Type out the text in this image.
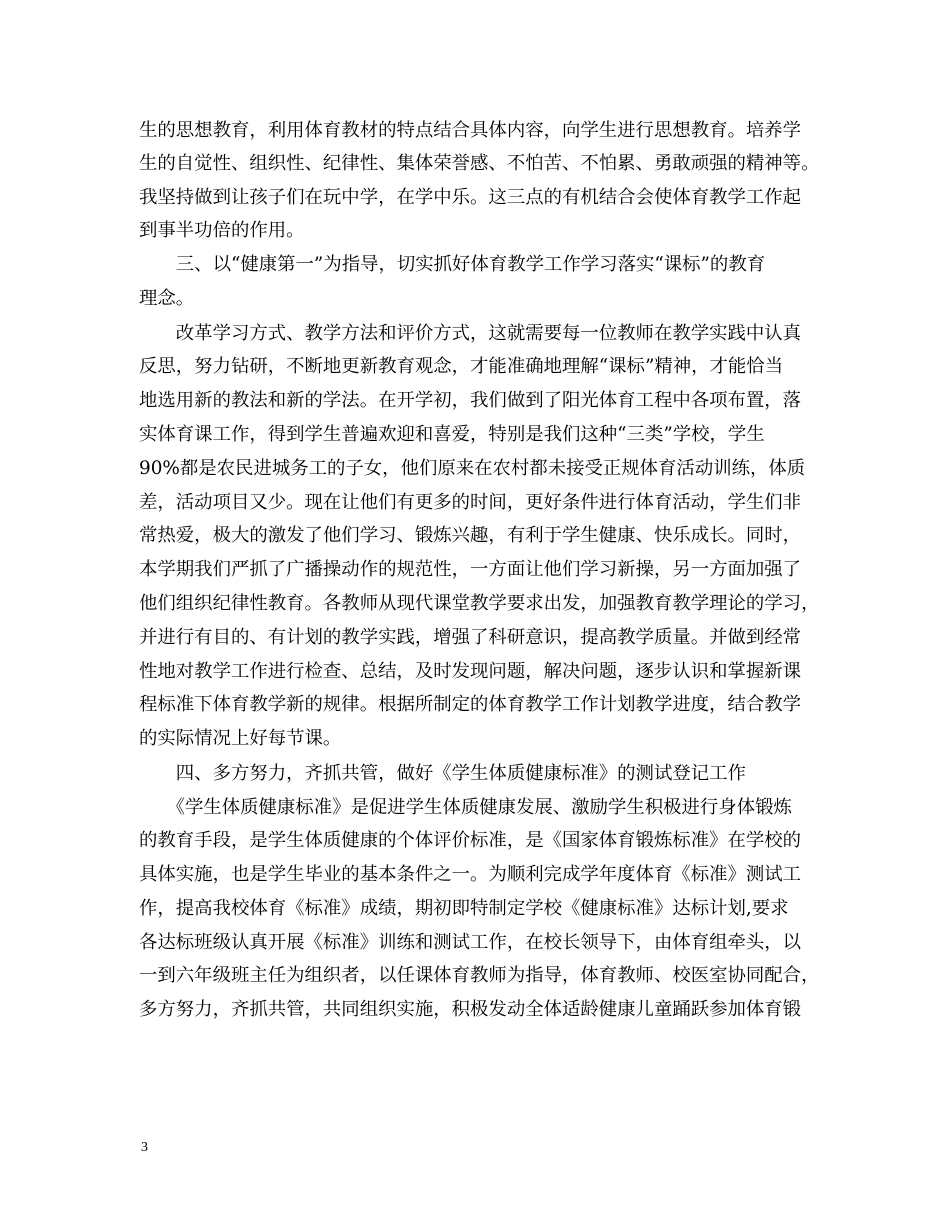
生的思想教育，利用体育教材的特点结合具体内容，向学生进行思想教育。培养学
生的自觉性、组织性、纪律性、集体荣誉感、不怕苦、不怕累、勇敢顽强的精神等。
我坚持做到让孩子们在玩中学，在学中乐。这三点的有机结合会使体育教学工作起
到事半功倍的作用。
　　三、以“健康第一”为指导，切实抓好体育教学工作学习落实“课标”的教育
理念。
　　改革学习方式、教学方法和评价方式，这就需要每一位教师在教学实践中认真
反思，努力钻研，不断地更新教育观念，才能准确地理解“课标”精神，才能恰当
地选用新的教法和新的学法。在开学初，我们做到了阳光体育工程中各项布置，落
实体育课工作，得到学生普遍欢迎和喜爱，特别是我们这种“三类”学校，学生
90%都是农民进城务工的子女，他们原来在农村都未接受正规体育活动训练，体质
差，活动项目又少。现在让他们有更多的时间，更好条件进行体育活动，学生们非
常热爱，极大的激发了他们学习、锻炼兴趣，有利于学生健康、快乐成长。同时，
本学期我们严抓了广播操动作的规范性，一方面让他们学习新操，另一方面加强了
他们组织纪律性教育。各教师从现代课堂教学要求出发，加强教育教学理论的学习，
并进行有目的、有计划的教学实践，增强了科研意识，提高教学质量。并做到经常
性地对教学工作进行检查、总结，及时发现问题，解决问题，逐步认识和掌握新课
程标准下体育教学新的规律。根据所制定的体育教学工作计划教学进度，结合教学
的实际情况上好每节课。
　　四、多方努力，齐抓共管，做好《学生体质健康标准》的测试登记工作
　　《学生体质健康标准》是促进学生体质健康发展、激励学生积极进行身体锻炼
的教育手段，是学生体质健康的个体评价标准，是《国家体育锻炼标准》在学校的
具体实施，也是学生毕业的基本条件之一。为顺利完成学年度体育《标准》测试工
作，提高我校体育《标准》成绩，期初即特制定学校《健康标准》达标计划,要求
各达标班级认真开展《标准》训练和测试工作，在校长领导下，由体育组牵头，以
一到六年级班主任为组织者，以任课体育教师为指导，体育教师、校医室协同配合，
多方努力，齐抓共管，共同组织实施，积极发动全体适龄健康儿童踊跃参加体育锻
3
